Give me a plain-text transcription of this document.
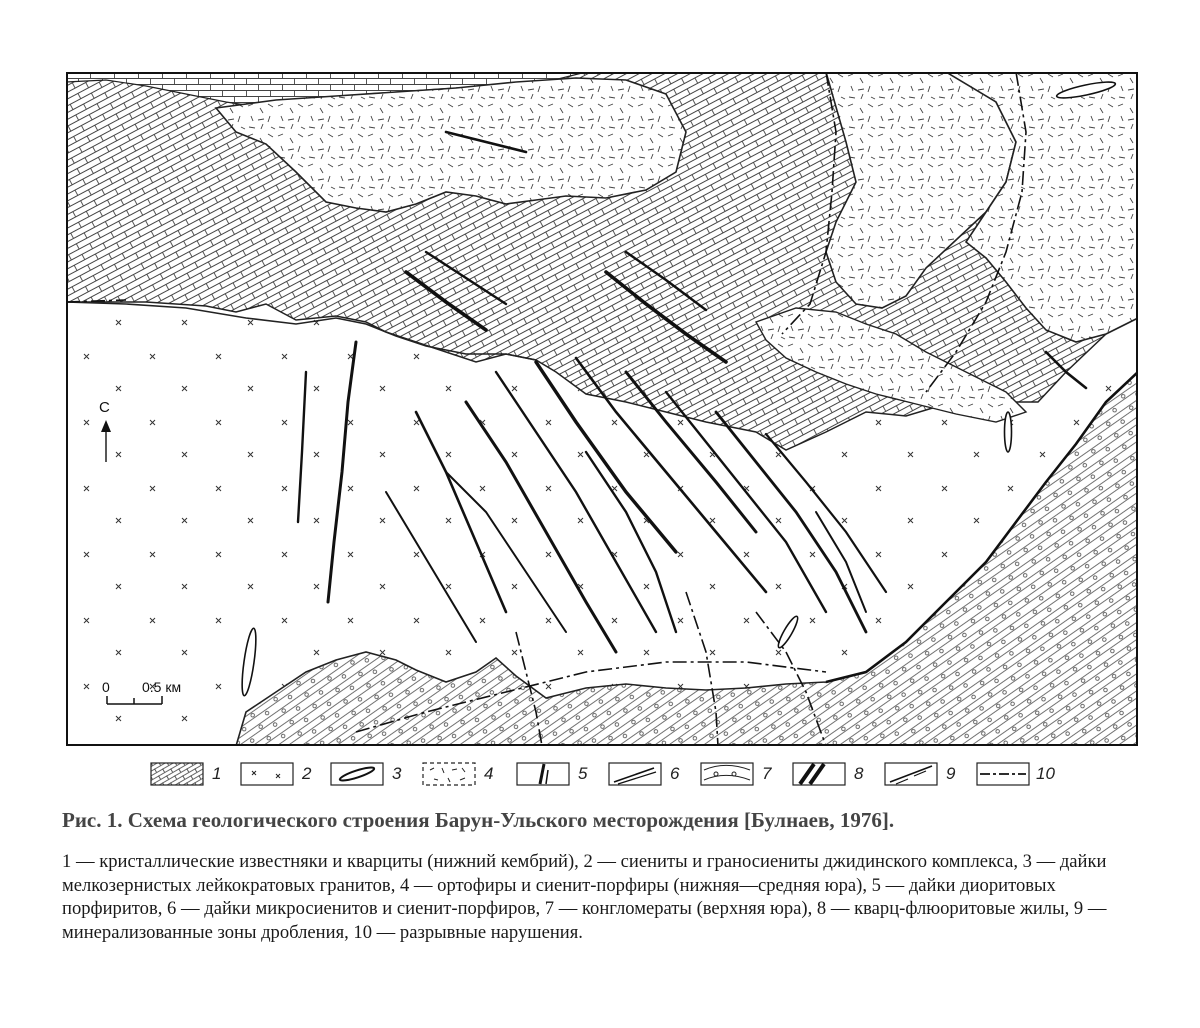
С
0 0.5 км
1	2	3	4	5	6	7	8	9	10
Рис. 1. Схема геологического строения Барун-Ульского месторождения [Булнаев, 1976].
1 — кристаллические известняки и кварциты (нижний кембрий), 2 — сиениты и граносиениты джидинского комплекса, 3 — дайки мелкозернистых лейкократовых гранитов, 4 — ортофиры и сиенит-порфиры (нижняя—средняя юра), 5 — дайки диоритовых порфиритов, 6 — дайки микросиенитов и сиенит-порфиров, 7 — конгломераты (верхняя юра), 8 — кварц-флюоритовые жилы, 9 — минерализованные зоны дробления, 10 — разрывные нарушения.
